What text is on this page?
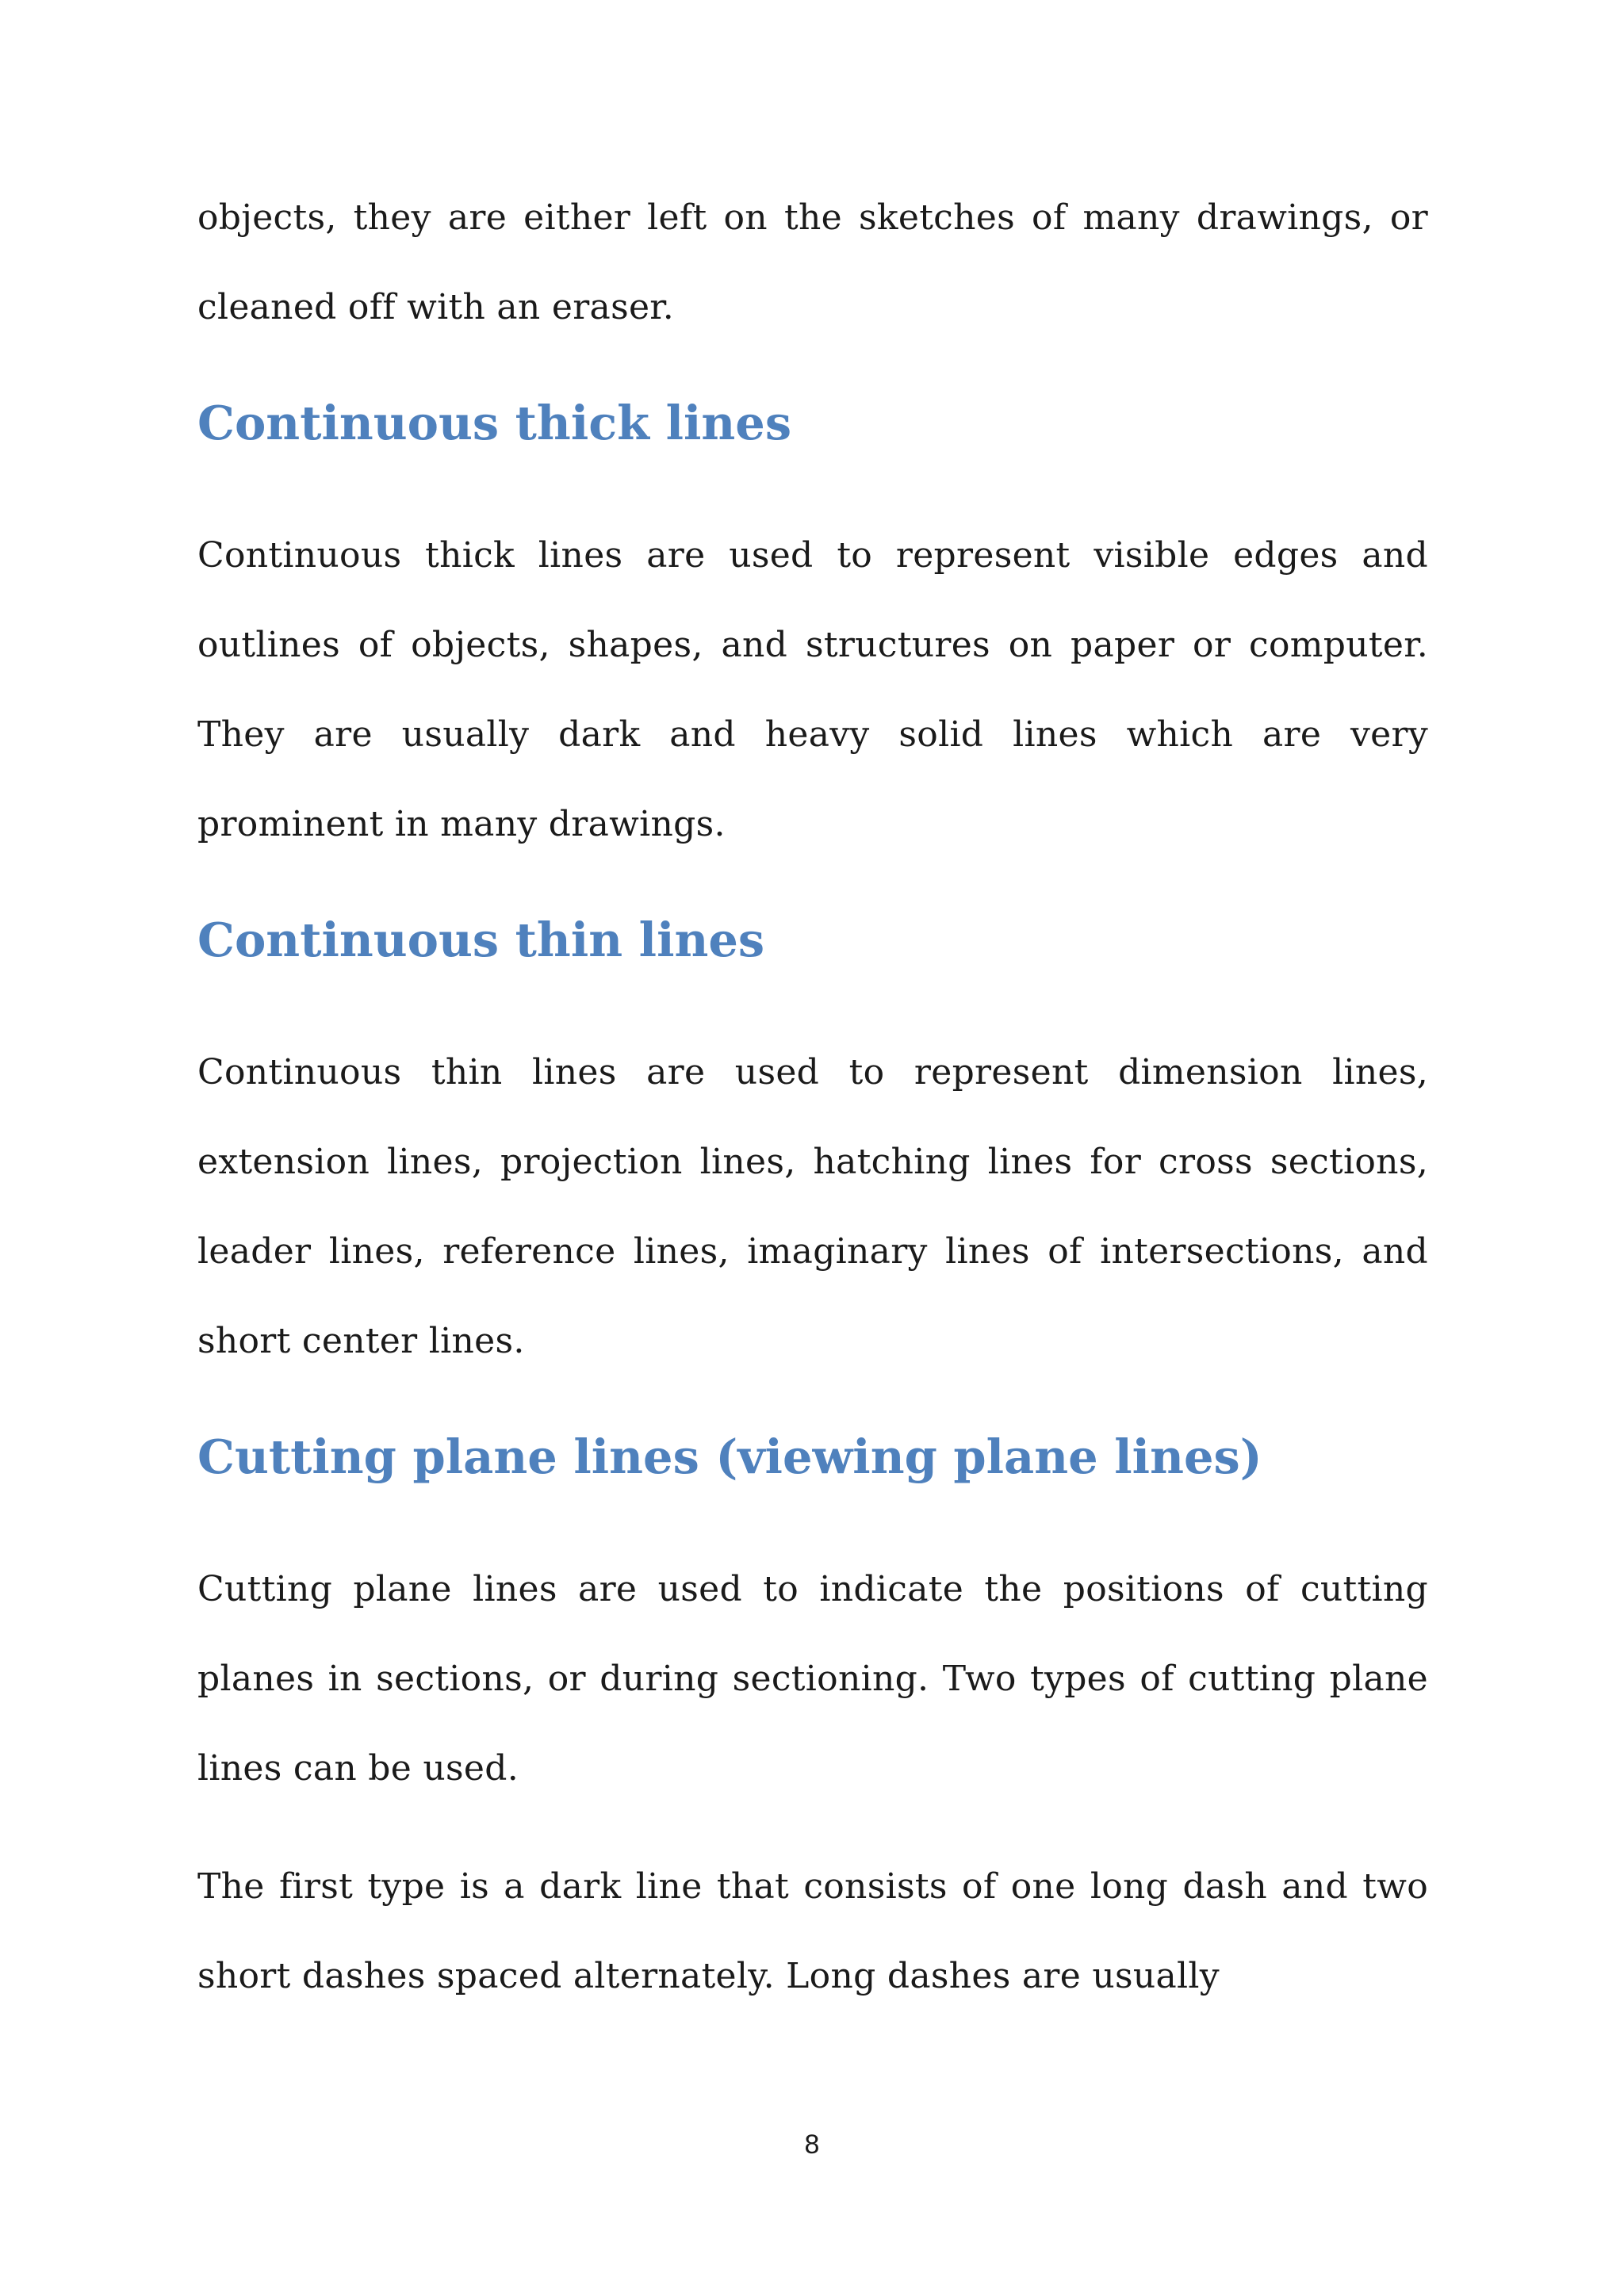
objects, they are either left on the sketches of many drawings, or cleaned off with an eraser.

Continuous thick lines

Continuous thick lines are used to represent visible edges and outlines of objects, shapes, and structures on paper or computer. They are usually dark and heavy solid lines which are very prominent in many drawings.

Continuous thin lines

Continuous thin lines are used to represent dimension lines, extension lines, projection lines, hatching lines for cross sections, leader lines, reference lines, imaginary lines of intersections, and short center lines.

Cutting plane lines (viewing plane lines)

Cutting plane lines are used to indicate the positions of cutting planes in sections, or during sectioning. Two types of cutting plane lines can be used.

The first type is a dark line that consists of one long dash and two short dashes spaced alternately. Long dashes are usually

8
